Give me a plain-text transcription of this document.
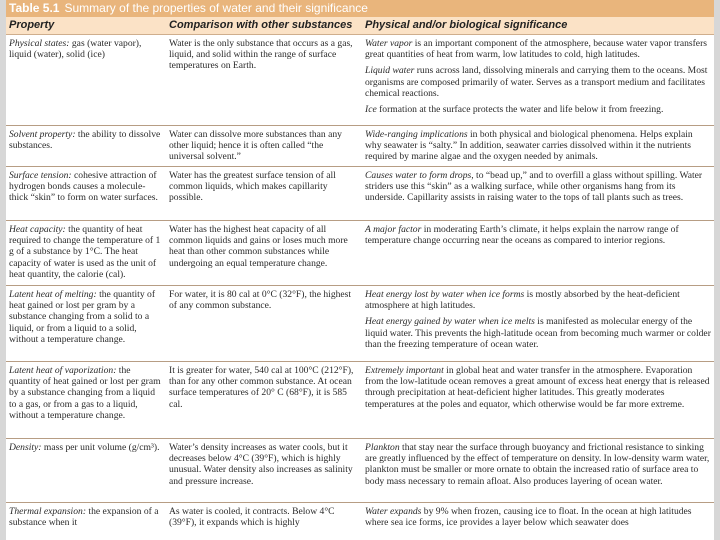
Table 5.1 Summary of the properties of water and their significance
Property	Comparison with other substances	Physical and/or biological significance
Physical states: gas (water vapor), liquid (water), solid (ice)
Water is the only substance that occurs as a gas, liquid, and solid within the range of surface temperatures on Earth.

Water vapor is an important component of the atmosphere, because water vapor transfers great quantities of heat from warm, low latitudes to cold, high latitudes.

Liquid water runs across land, dissolving minerals and carrying them to the oceans. Most organisms are composed primarily of water. Serves as a transport medium and facilitates chemical reactions.

Ice formation at the surface protects the water and life below it from freezing.

Solvent property: the ability to dissolve substances.
Water can dissolve more substances than any other liquid; hence it is often called “the universal solvent.”

Wide-ranging implications in both physical and biological phenomena. Helps explain why seawater is “salty.” In addition, seawater carries dissolved within it the nutrients required by marine algae and the oxygen needed by animals.

Surface tension: cohesive attraction of hydrogen bonds causes a molecule-thick “skin” to form on water surfaces.
Water has the greatest surface tension of all common liquids, which makes capillarity possible.

Causes water to form drops, to “bead up,” and to overfill a glass without spilling. Water striders use this “skin” as a walking surface, while other organisms hang from its underside. Capillarity assists in raising water to the tops of tall plants such as trees.

Heat capacity: the quantity of heat required to change the temperature of 1 g of a substance by 1°C. The heat capacity of water is used as the unit of heat quantity, the calorie (cal).
Water has the highest heat capacity of all common liquids and gains or loses much more heat than other common substances while undergoing an equal temperature change.

A major factor in moderating Earth’s climate, it helps explain the narrow range of temperature change occurring near the oceans as compared to interior regions.

Latent heat of melting: the quantity of heat gained or lost per gram by a substance changing from a solid to a liquid, or from a liquid to a solid, without a temperature change.
For water, it is 80 cal at 0°C (32°F), the highest of any common substance.

Heat energy lost by water when ice forms is mostly absorbed by the heat-deficient atmosphere at high latitudes.

Heat energy gained by water when ice melts is manifested as molecular energy of the liquid water. This prevents the high-latitude ocean from becoming much warmer or colder than the freezing temperature of ocean water.

Latent heat of vaporization: the quantity of heat gained or lost per gram by a substance changing from a liquid to a gas, or from a gas to a liquid, without a temperature change.
It is greater for water, 540 cal at 100°C (212°F), than for any other common substance. At ocean surface temperatures of 20° C (68°F), it is 585 cal.

Extremely important in global heat and water transfer in the atmosphere. Evaporation from the low-latitude ocean removes a great amount of excess heat energy that is released through precipitation at heat-deficient higher latitudes. This greatly moderates temperatures at the poles and equator, which otherwise would be far more extreme.

Density: mass per unit volume (g/cm³). Water’s density increases as water cools, but it decreases below 4°C (39°F), which is highly unusual. Water density also increases as salinity and pressure increase.

Plankton that stay near the surface through buoyancy and frictional resistance to sinking are greatly influenced by the effect of temperature on density. In low-density warm water, plankton must be smaller or more ornate to obtain the increased ratio of surface area to body mass necessary to remain afloat. Also produces layering of ocean water.

Thermal expansion: the expansion of a substance when it
As water is cooled, it contracts. Below 4°C (39°F), it expands which is highly

Water expands by 9% when frozen, causing ice to float. In the ocean at high latitudes where sea ice forms, ice provides a layer below which seawater does
